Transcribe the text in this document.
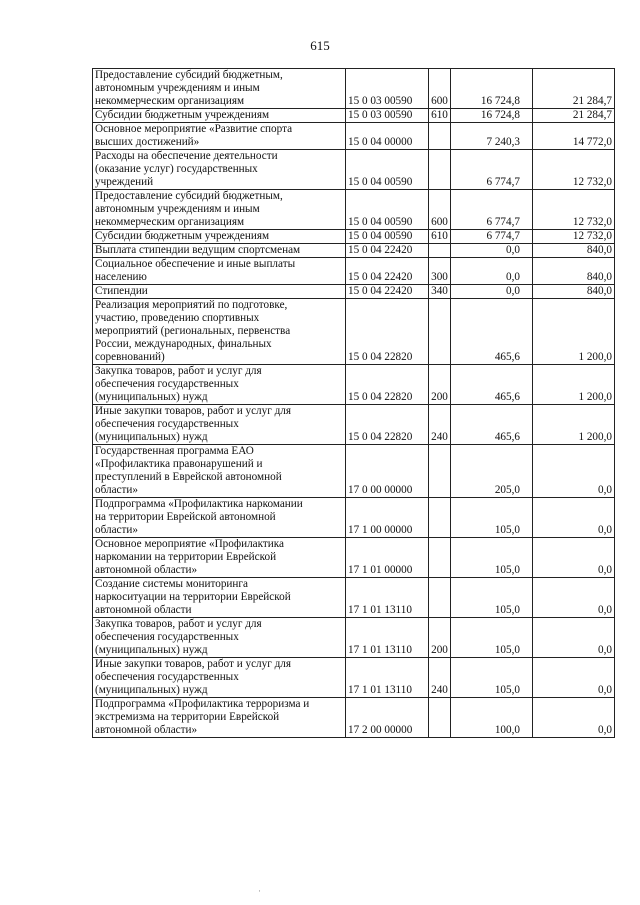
615
Предоставление субсидий бюджетным,
автономным учреждениям и иным
некоммерческим организациям	15 0 03 00590	600	16 724,8	21 284,7
Субсидии бюджетным учреждениям	15 0 03 00590	610	16 724,8	21 284,7
Основное мероприятие «Развитие спорта
высших достижений»	15 0 04 00000		7 240,3	14 772,0
Расходы на обеспечение деятельности
(оказание услуг) государственных
учреждений	15 0 04 00590		6 774,7	12 732,0
Предоставление субсидий бюджетным,
автономным учреждениям и иным
некоммерческим организациям	15 0 04 00590	600	6 774,7	12 732,0
Субсидии бюджетным учреждениям	15 0 04 00590	610	6 774,7	12 732,0
Выплата стипендии ведущим спортсменам	15 0 04 22420		0,0	840,0
Социальное обеспечение и иные выплаты
населению	15 0 04 22420	300	0,0	840,0
Стипендии	15 0 04 22420	340	0,0	840,0
Реализация мероприятий по подготовке,
участию, проведению спортивных
мероприятий (региональных, первенства
России, международных, финальных
соревнований)	15 0 04 22820		465,6	1 200,0
Закупка товаров, работ и услуг для
обеспечения государственных
(муниципальных) нужд	15 0 04 22820	200	465,6	1 200,0
Иные закупки товаров, работ и услуг для
обеспечения государственных
(муниципальных) нужд	15 0 04 22820	240	465,6	1 200,0
Государственная программа ЕАО
«Профилактика правонарушений и
преступлений в Еврейской автономной
области»	17 0 00 00000		205,0	0,0
Подпрограмма «Профилактика наркомании
на территории Еврейской автономной
области»	17 1 00 00000		105,0	0,0
Основное мероприятие «Профилактика
наркомании на территории Еврейской
автономной области»	17 1 01 00000		105,0	0,0
Создание системы мониторинга
наркоситуации на территории Еврейской
автономной области	17 1 01 13110		105,0	0,0
Закупка товаров, работ и услуг для
обеспечения государственных
(муниципальных) нужд	17 1 01 13110	200	105,0	0,0
Иные закупки товаров, работ и услуг для
обеспечения государственных
(муниципальных) нужд	17 1 01 13110	240	105,0	0,0
Подпрограмма «Профилактика терроризма и
экстремизма на территории Еврейской
автономной области»	17 2 00 00000		100,0	0,0
·
